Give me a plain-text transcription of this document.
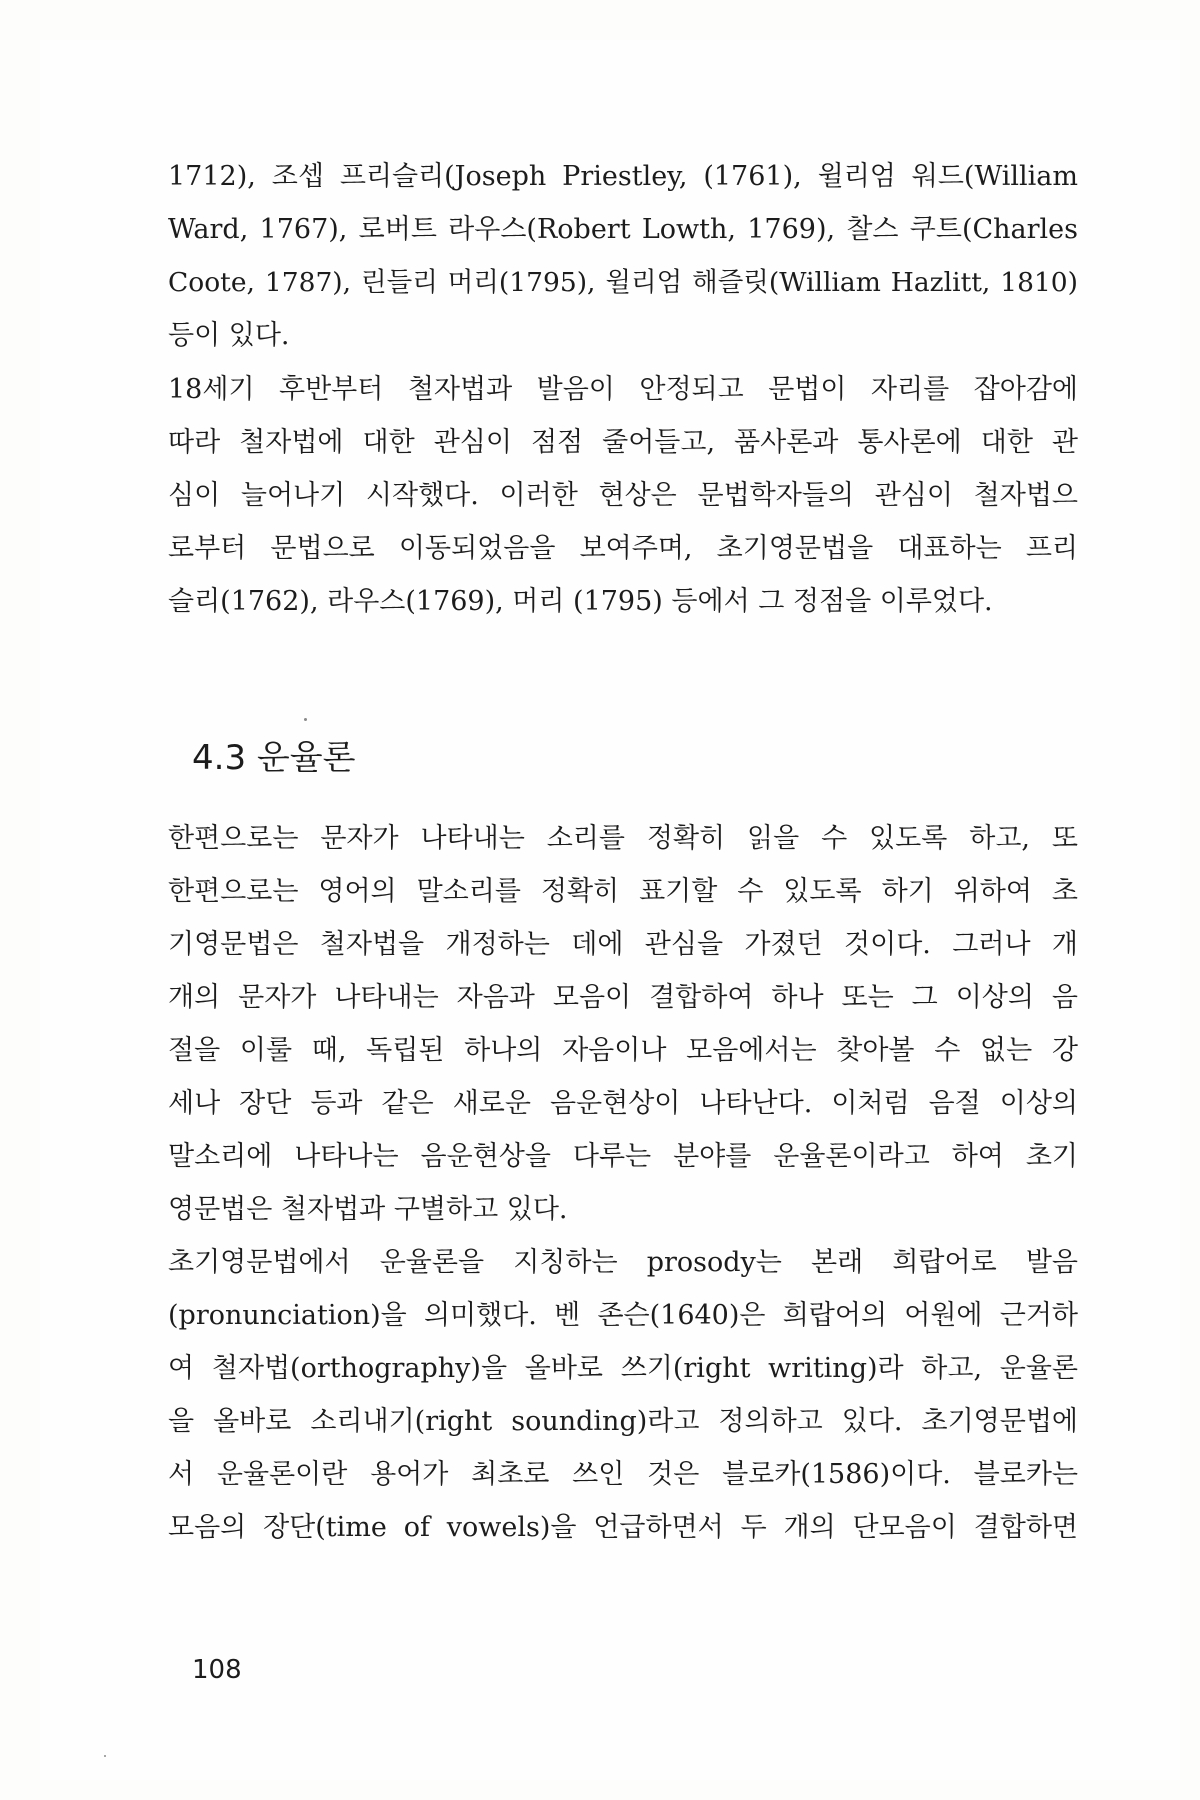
1712), 조셉 프리슬리(Joseph Priestley, (1761), 윌리엄 워드(William
Ward, 1767), 로버트 라우스(Robert Lowth, 1769), 찰스 쿠트(Charles
Coote, 1787), 린들리 머리(1795), 윌리엄 해즐릿(William Hazlitt, 1810)
등이 있다.
18세기 후반부터 철자법과 발음이 안정되고 문법이 자리를 잡아감에
따라 철자법에 대한 관심이 점점 줄어들고, 품사론과 통사론에 대한 관
심이 늘어나기 시작했다. 이러한 현상은 문법학자들의 관심이 철자법으
로부터 문법으로 이동되었음을 보여주며, 초기영문법을 대표하는 프리
슬리(1762), 라우스(1769), 머리 (1795) 등에서 그 정점을 이루었다.
4.3 운율론
한편으로는 문자가 나타내는 소리를 정확히 읽을 수 있도록 하고, 또
한편으로는 영어의 말소리를 정확히 표기할 수 있도록 하기 위하여 초
기영문법은 철자법을 개정하는 데에 관심을 가졌던 것이다. 그러나 개
개의 문자가 나타내는 자음과 모음이 결합하여 하나 또는 그 이상의 음
절을 이룰 때, 독립된 하나의 자음이나 모음에서는 찾아볼 수 없는 강
세나 장단 등과 같은 새로운 음운현상이 나타난다. 이처럼 음절 이상의
말소리에 나타나는 음운현상을 다루는 분야를 운율론이라고 하여 초기
영문법은 철자법과 구별하고 있다.
초기영문법에서 운율론을 지칭하는 prosody는 본래 희랍어로 발음
(pronunciation)을 의미했다. 벤 존슨(1640)은 희랍어의 어원에 근거하
여 철자법(orthography)을 올바로 쓰기(right writing)라 하고, 운율론
을 올바로 소리내기(right sounding)라고 정의하고 있다. 초기영문법에
서 운율론이란 용어가 최초로 쓰인 것은 블로카(1586)이다. 블로카는
모음의 장단(time of vowels)을 언급하면서 두 개의 단모음이 결합하면
108
